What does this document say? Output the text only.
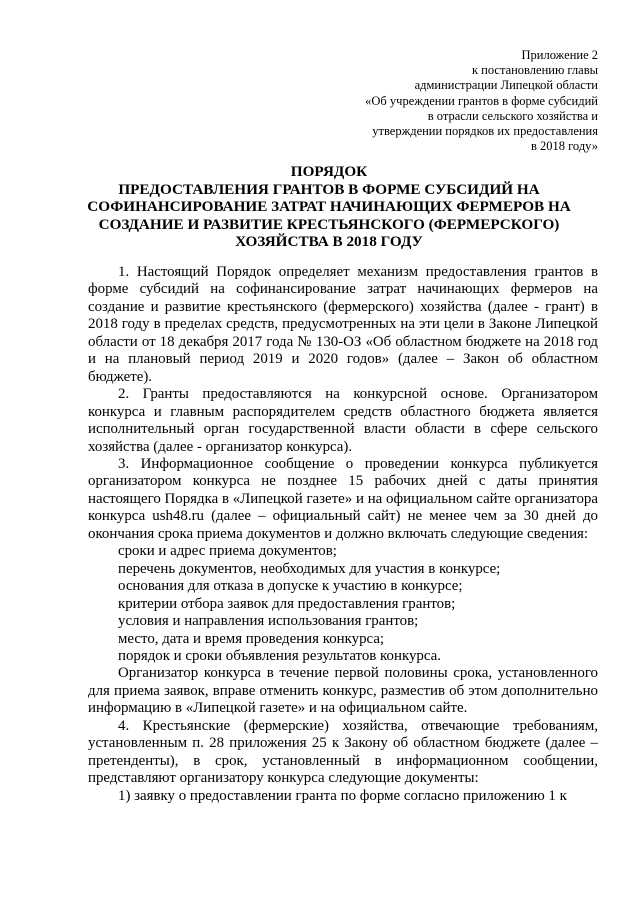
Приложение 2
к постановлению главы
администрации Липецкой области
«Об учреждении грантов в форме субсидий
в отрасли сельского хозяйства и
утверждении порядков их предоставления
в 2018 году»
ПОРЯДОК
ПРЕДОСТАВЛЕНИЯ ГРАНТОВ В ФОРМЕ СУБСИДИЙ НА
СОФИНАНСИРОВАНИЕ ЗАТРАТ НАЧИНАЮЩИХ ФЕРМЕРОВ НА
СОЗДАНИЕ И РАЗВИТИЕ КРЕСТЬЯНСКОГО (ФЕРМЕРСКОГО)
ХОЗЯЙСТВА В 2018 ГОДУ

1. Настоящий Порядок определяет механизм предоставления грантов в форме субсидий на софинансирование затрат начинающих фермеров на создание и развитие крестьянского (фермерского) хозяйства (далее - грант) в 2018 году в пределах средств, предусмотренных на эти цели в Законе Липецкой области от 18 декабря 2017 года № 130-ОЗ «Об областном бюджете на 2018 год и на плановый период 2019 и 2020 годов» (далее – Закон об областном бюджете).

2. Гранты предоставляются на конкурсной основе. Организатором конкурса и главным распорядителем средств областного бюджета является исполнительный орган государственной власти области в сфере сельского хозяйства (далее - организатор конкурса).

3. Информационное сообщение о проведении конкурса публикуется организатором конкурса не позднее 15 рабочих дней с даты принятия настоящего Порядка в «Липецкой газете» и на официальном сайте организатора конкурса ush48.ru (далее – официальный сайт) не менее чем за 30 дней до окончания срока приема документов и должно включать следующие сведения:

сроки и адрес приема документов;

перечень документов, необходимых для участия в конкурсе;

основания для отказа в допуске к участию в конкурсе;

критерии отбора заявок для предоставления грантов;

условия и направления использования грантов;

место, дата и время проведения конкурса;

порядок и сроки объявления результатов конкурса.

Организатор конкурса в течение первой половины срока, установленного для приема заявок, вправе отменить конкурс, разместив об этом дополнительно информацию в «Липецкой газете» и на официальном сайте.

4. Крестьянские (фермерские) хозяйства, отвечающие требованиям, установленным п. 28 приложения 25 к Закону об областном бюджете (далее – претенденты), в срок, установленный в информационном сообщении, представляют организатору конкурса следующие документы:

1) заявку о предоставлении гранта по форме согласно приложению 1 к
